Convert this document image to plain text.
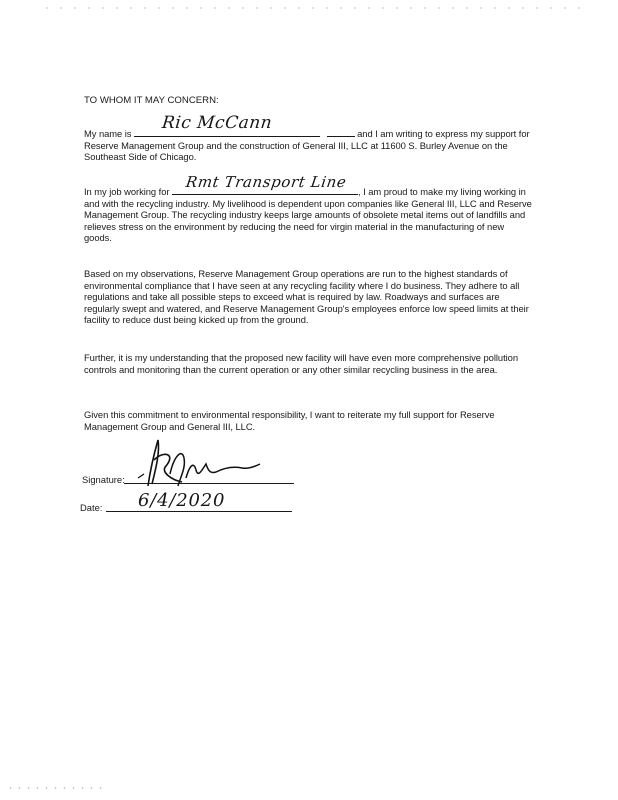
TO WHOM IT MAY CONCERN:
My name is	and I am writing to express my support for Reserve Management Group and the construction of General III, LLC at 11600 S. Burley Avenue on the Southeast Side of Chicago.
Ric McCann
In my job working for	, I am proud to make my living working in and with the recycling industry. My livelihood is dependent upon companies like General III, LLC and Reserve Management Group. The recycling industry keeps large amounts of obsolete metal items out of landfills and relieves stress on the environment by reducing the need for virgin material in the manufacturing of new goods.
Rmt Transport Line
Based on my observations, Reserve Management Group operations are run to the highest standards of environmental compliance that I have seen at any recycling facility where I do business. They adhere to all regulations and take all possible steps to exceed what is required by law. Roadways and surfaces are regularly swept and watered, and Reserve Management Group's employees enforce low speed limits at their facility to reduce dust being kicked up from the ground.
Further, it is my understanding that the proposed new facility will have even more comprehensive pollution controls and monitoring than the current operation or any other similar recycling business in the area.
Given this commitment to environmental responsibility, I want to reiterate my full support for Reserve Management Group and General III, LLC.
Signature:
Date: 6/4/2020
